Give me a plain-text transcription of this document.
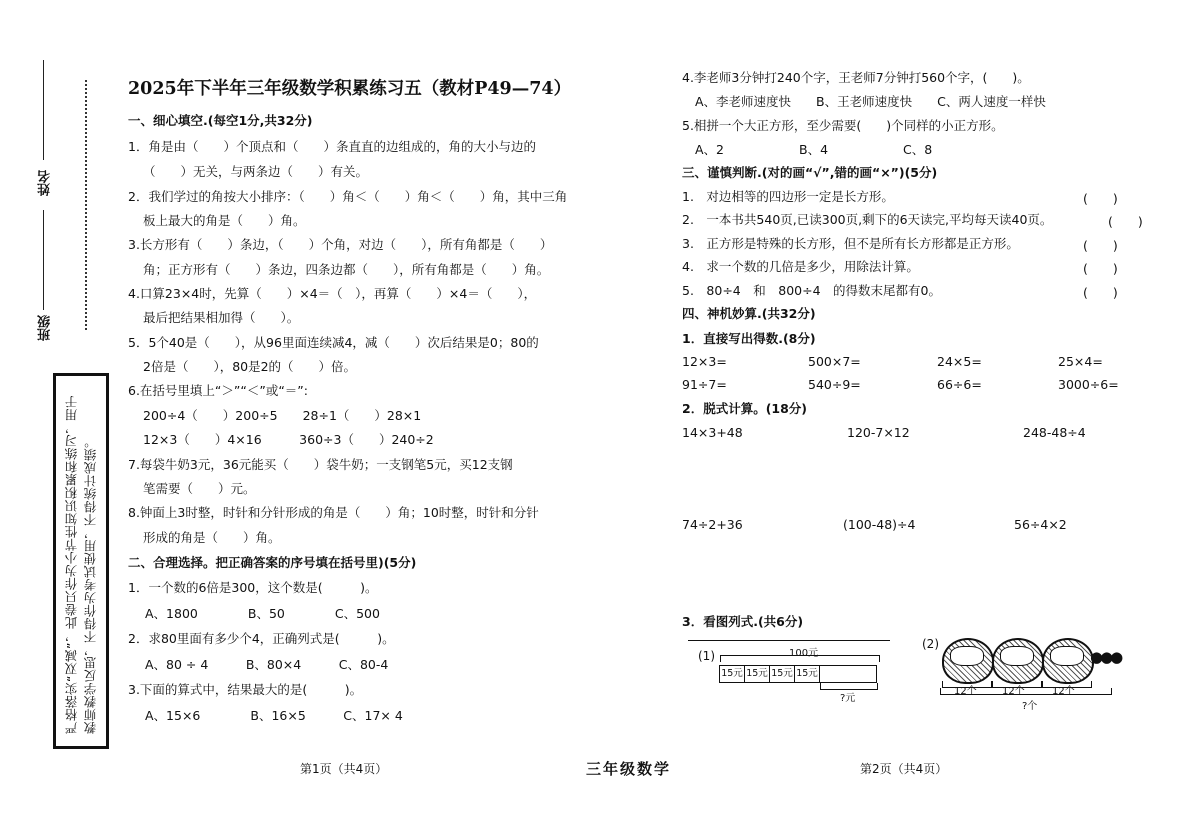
姓名
班级
严格落实“双减”，此卷只作为小节性知识积累和练习，用于教师教学反思，不得作为考试使用，不得统计成绩。
2025年下半年三年级数学积累练习五（教材P49—74）
一、细心填空.(每空1分,共32分)
1．角是由（　　）个顶点和（　　）条直直的边组成的，角的大小与边的
（　　）无关，与两条边（　　）有关。
2．我们学过的角按大小排序：（　　）角＜（　　）角＜（　　）角，其中三角
板上最大的角是（　　）角。
3.长方形有（　　）条边，（　　）个角，对边（　　），所有角都是（　　）
角；正方形有（　　）条边，四条边都（　　），所有角都是（　　）角。
4.口算23×4时，先算（　　）×4＝（　），再算（　　）×4＝（　　），
最后把结果相加得（　　）。
5．5个40是（　　），从96里面连续减4，减（　　）次后结果是0；80的
2倍是（　　），80是2的（　　）倍。
6.在括号里填上“＞”“＜”或“＝”:
200÷4（　　）200÷5　　28÷1（　　）28×1
12×3（　　）4×16　　　360÷3（　　）240÷2
7.每袋牛奶3元，36元能买（　　）袋牛奶；一支钢笔5元，买12支钢
笔需要（　　）元。
8.钟面上3时整，时针和分针形成的角是（　　）角；10时整，时针和分针
形成的角是（　　）角。
二、合理选择。把正确答案的序号填在括号里)(5分)
1．一个数的6倍是300，这个数是(　　　)。
A、1800　　　　B、50　　　　C、500
2．求80里面有多少个4，正确列式是(　　　)。
A、80 ÷ 4　　　B、80×4　　　C、80-4
3.下面的算式中，结果最大的是(　　　)。
A、15×6　　　　B、16×5　　　C、17× 4
第1页（共4页）	三年级数学
4.李老师3分钟打240个字，王老师7分钟打560个字，(　　)。
A、李老师速度快　　B、王老师速度快　　C、两人速度一样快
5.相拼一个大正方形，至少需要(　　)个同样的小正方形。
A、2　　　　　　B、4　　　　　　C、8
三、谨慎判断.(对的画“√”,错的画“×”)(5分)
1.　对边相等的四边形一定是长方形。	(　　)
2.　一本书共540页,已读300页,剩下的6天读完,平均每天读40页。	(　　)
3.　正方形是特殊的长方形，但不是所有长方形都是正方形。	(　　)
4.　求一个数的几倍是多少，用除法计算。	(　　)
5.　80÷4　和　800÷4　的得数末尾都有0。	(　　)
四、神机妙算.(共32分)
1．直接写出得数.(8分)
12×3=	500×7=	24×5=	25×4=
91÷7=	540÷9=	66÷6=	3000÷6=
2．脱式计算。(18分)
14×3+48	120-7×12	248-48÷4
74÷2+36	(100-48)÷4	56÷4×2
3．看图列式.(共6分)
第2页（共4页）
(1)	100元
15元 15元 15元 15元
?元
(2)
●●●
12个	12个	12个
?个
